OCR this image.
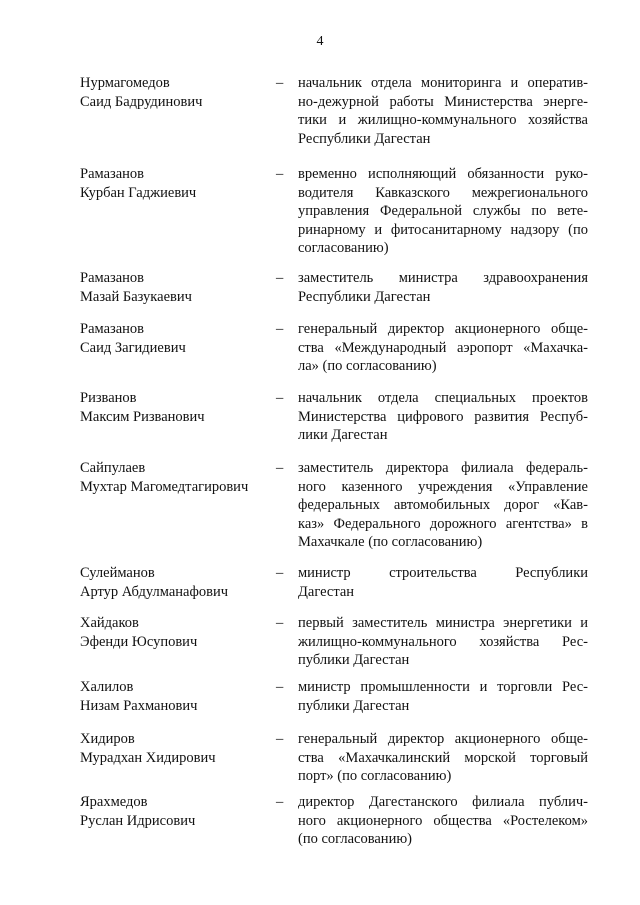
4
Нурмагомедов
Саид Бадрудинович
– начальник отдела мониторинга и оператив-
но-дежурной работы Министерства энерге-
тики и жилищно-коммунального хозяйства
Республики Дагестан
Рамазанов
Курбан Гаджиевич
– временно исполняющий обязанности руко-
водителя Кавказского межрегионального
управления Федеральной службы по вете-
ринарному и фитосанитарному надзору (по
согласованию)
Рамазанов
Мазай Базукаевич
– заместитель министра здравоохранения
Республики Дагестан
Рамазанов
Саид Загидиевич
– генеральный директор акционерного обще-
ства «Международный аэропорт «Махачка-
ла» (по согласованию)
Ризванов
Максим Ризванович
– начальник отдела специальных проектов
Министерства цифрового развития Респуб-
лики Дагестан
Сайпулаев
Мухтар Магомедтагирович
– заместитель директора филиала федераль-
ного казенного учреждения «Управление
федеральных автомобильных дорог «Кав-
каз» Федерального дорожного агентства» в
Махачкале (по согласованию)
Сулейманов
Артур Абдулманафович
– министр строительства Республики
Дагестан
Хайдаков
Эфенди Юсупович
– первый заместитель министра энергетики и
жилищно-коммунального хозяйства Рес-
публики Дагестан
Халилов
Низам Рахманович
– министр промышленности и торговли Рес-
публики Дагестан
Хидиров
Мурадхан Хидирович
– генеральный директор акционерного обще-
ства «Махачкалинский морской торговый
порт» (по согласованию)
Ярахмедов
Руслан Идрисович
– директор Дагестанского филиала публич-
ного акционерного общества «Ростелеком»
(по согласованию)
